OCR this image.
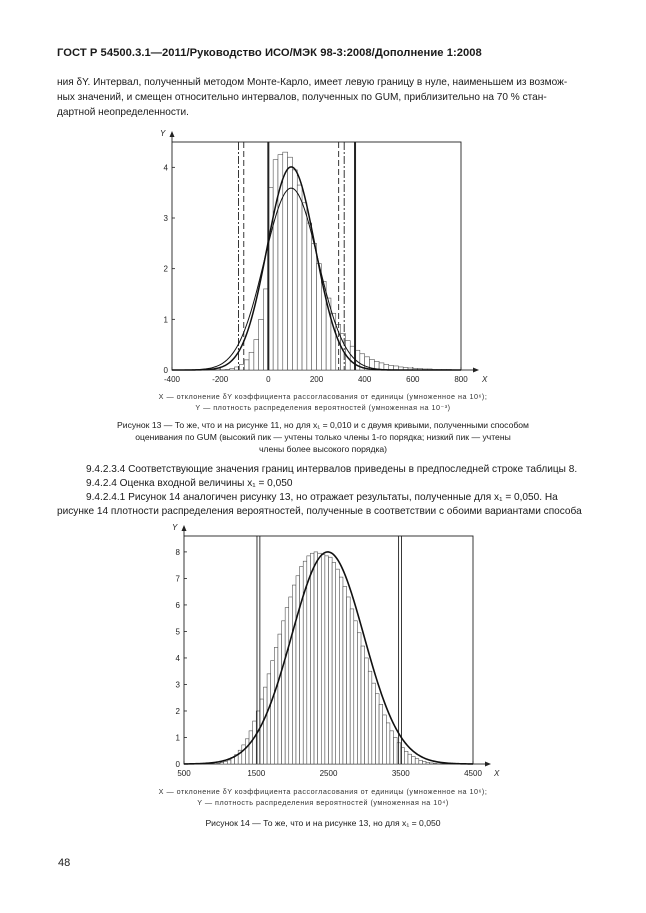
ГОСТ Р 54500.3.1—2011/Руководство ИСО/МЭК 98-3:2008/Дополнение 1:2008
ния δY. Интервал, полученный методом Монте-Карло, имеет левую границу в нуле, наименьшем из возмож-
ных значений, и смещен относительно интервалов, полученных по GUM, приблизительно на 70 % стан-
дартной неопределенности.
Y
X
-400	-200	0	200	400	600	800
0
1
2
3
4
X — отклонение δY коэффициента рассогласования от единицы (умноженное на 10⁶);
Y — плотность распределения вероятностей (умноженная на 10⁻³)
Рисунок 13 — То же, что и на рисунке 11, но для x₁ = 0,010 и с двумя кривыми, полученными способом
оценивания по GUM (высокий пик — учтены только члены 1-го порядка; низкий пик — учтены
члены более высокого порядка)
9.4.2.3.4 Соответствующие значения границ интервалов приведены в предпоследней строке таблицы 8.
9.4.2.4 Оценка входной величины x₁ = 0,050
9.4.2.4.1 Рисунок 14 аналогичен рисунку 13, но отражает результаты, полученные для x₁ = 0,050. На
рисунке 14 плотности распределения вероятностей, полученные в соответствии с обоими вариантами способа
Y
X
500	1500	2500	3500	4500
0
1
2
3
4
5
6
7
8
X — отклонение δY коэффициента рассогласования от единицы (умноженное на 10⁶);
Y — плотность распределения вероятностей (умноженная на 10⁴)
Рисунок 14 — То же, что и на рисунке 13, но для x₁ = 0,050
48
